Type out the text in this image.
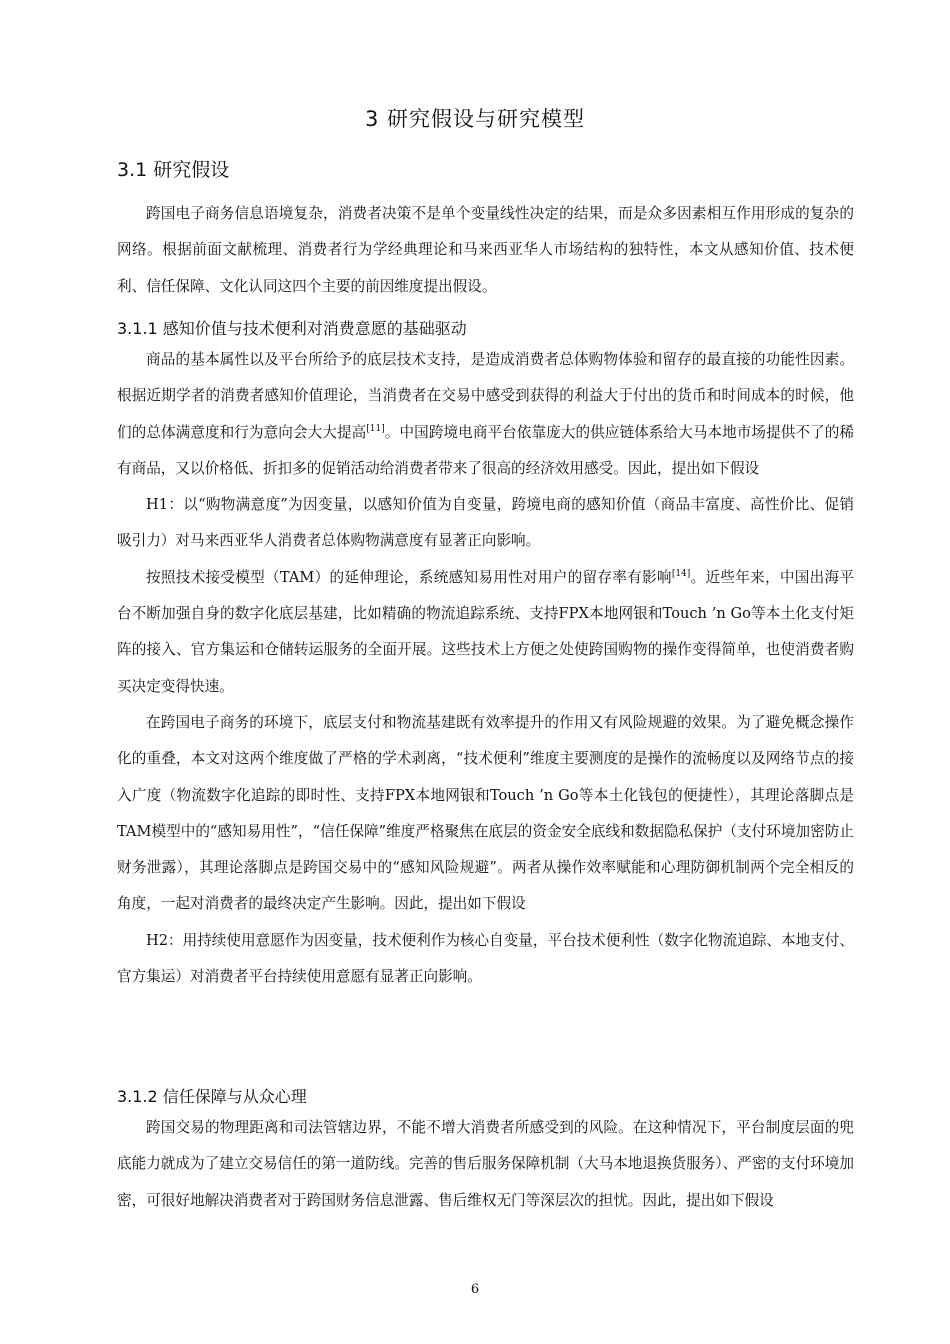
3 研究假设与研究模型
3.1 研究假设

跨国电子商务信息语境复杂，消费者决策不是单个变量线性决定的结果，而是众多因素相互作用形成的复杂的网络。根据前面文献梳理、消费者行为学经典理论和马来西亚华人市场结构的独特性，本文从感知价值、技术便利、信任保障、文化认同这四个主要的前因维度提出假设。

3.1.1 感知价值与技术便利对消费意愿的基础驱动

商品的基本属性以及平台所给予的底层技术支持，是造成消费者总体购物体验和留存的最直接的功能性因素。根据近期学者的消费者感知价值理论，当消费者在交易中感受到获得的利益大于付出的货币和时间成本的时候，他们的总体满意度和行为意向会大大提高[11]。中国跨境电商平台依靠庞大的供应链体系给大马本地市场提供不了的稀有商品，又以价格低、折扣多的促销活动给消费者带来了很高的经济效用感受。因此，提出如下假设

H1：以“购物满意度”为因变量，以感知价值为自变量，跨境电商的感知价值（商品丰富度、高性价比、促销吸引力）对马来西亚华人消费者总体购物满意度有显著正向影响。

按照技术接受模型（TAM）的延伸理论，系统感知易用性对用户的留存率有影响[14]。近些年来，中国出海平台不断加强自身的数字化底层基建，比如精确的物流追踪系统、支持FPX本地网银和Touch ’n Go等本土化支付矩阵的接入、官方集运和仓储转运服务的全面开展。这些技术上方便之处使跨国购物的操作变得简单，也使消费者购买决定变得快速。

在跨国电子商务的环境下，底层支付和物流基建既有效率提升的作用又有风险规避的效果。为了避免概念操作化的重叠，本文对这两个维度做了严格的学术剥离，“技术便利”维度主要测度的是操作的流畅度以及网络节点的接入广度（物流数字化追踪的即时性、支持FPX本地网银和Touch ’n Go等本土化钱包的便捷性），其理论落脚点是TAM模型中的“感知易用性”，“信任保障”维度严格聚焦在底层的资金安全底线和数据隐私保护（支付环境加密防止财务泄露），其理论落脚点是跨国交易中的“感知风险规避”。两者从操作效率赋能和心理防御机制两个完全相反的角度，一起对消费者的最终决定产生影响。因此，提出如下假设

H2：用持续使用意愿作为因变量，技术便利作为核心自变量，平台技术便利性（数字化物流追踪、本地支付、官方集运）对消费者平台持续使用意愿有显著正向影响。

3.1.2 信任保障与从众心理

跨国交易的物理距离和司法管辖边界，不能不增大消费者所感受到的风险。在这种情况下，平台制度层面的兜底能力就成为了建立交易信任的第一道防线。完善的售后服务保障机制（大马本地退换货服务）、严密的支付环境加密，可很好地解决消费者对于跨国财务信息泄露、售后维权无门等深层次的担忧。因此，提出如下假设

6
